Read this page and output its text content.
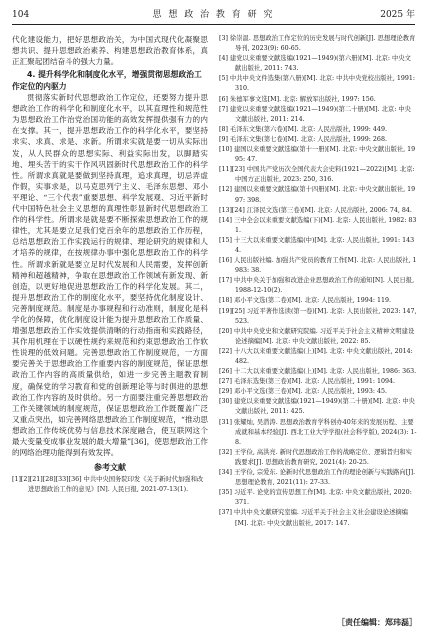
104	思 想 政 治 教 育 研 究	2025 年

代化建设能力，把好思想政治关，为中国式现代化凝聚思想共识、提升思想政治素养、构建思想政治教育体系，真正汇聚起团结奋斗的强大力量。

4. 提升科学化和制度化水平，增强贯彻思想政治工作定位的内驱力

贯彻落实新时代思想政治工作定位，还要努力提升思想政治工作的科学化和制度化水平，以其直理性和规范性为思想政治工作治党治国功能的高效发挥提供强有力的内在支撑。其一，提升思想政治工作的科学化水平，要坚持求实、求真、求是、求新。所谓求实就是要一切从实际出发，从人民群众的思想实际、利益实际出发，以脚踏实地、埋头苦干的实干作风巩固新时代思想政治工作的科学性。所谓求真就是要做到坚持真理，追求真理，切忌弄虚作假，实事求是，以马克思列宁主义、毛泽东思想、邓小平理论、“三个代表”重要思想、科学发展观、习近平新时代中国特色社会主义思想的真理性彰显新时代思想政治工作的科学性。所谓求是就是要不断探索思想政治工作的规律性，尤其是要立足我们党百余年的思想政治工作历程，总结思想政治工作实践运行的规律、理论研究的规律和人才培养的规律，在按规律办事中强化思想政治工作的科学性。所谓求新就是要立足时代发展和人民需要，发挥创新精神和超越精神，争取在思想政治工作领域有新发现、新创造，以更好地促进思想政治工作的科学化发展。其二，提升思想政治工作的制度化水平，要坚持优化制度设计、完善制度规范。制度是办事规程和行动准则，制度化是科学化的保障，优化制度设计能为提升思想政治工作质量、增强思想政治工作实效提供清晰的行动指南和实践路径，其作用机理在于以硬性规约来规范和约束思想政治工作软性说理的低效问题。完善思想政治工作制度规范，一方面要完善关于思想政治工作重要内容的制度规范，保证思想政治工作内容的高质量供给，如进一步完善主题教育制度，确保党的学习教育和党的创新理论等与时俱进的思想政治工作内容的及时供给。另一方面要注重完善思想政治工作关键领域的制度规范，保证思想政治工作既覆盖广泛又重点突出，如完善网络思想政治工作制度规范，“推动思想政治工作传统优势与信息技术深度融合，使互联网这个最大变量变成事业发展的最大增量”[36]，使思想政治工作的网络治理功能得到有效发挥。

参考文献
[1][2][21][28][33][36] 中共中央国务院印发《关于新时代加强和改进思想政治工作的意见》[N]. 人民日报, 2021-07-13(1).
[3] 徐崇温. 思想政治工作定位的历史发展与时代创新[J]. 思想理论教育导刊, 2023(9): 60-65.
[4] 建党以来重要文献选编(1921—1949)(第六册)[M]. 北京: 中央文献出版社, 2011: 743.
[5] 中共中央文件选集(第八册)[M]. 北京: 中共中央党校出版社, 1991: 310.
[6] 朱德军事文选[M]. 北京: 解放军出版社, 1997: 156.
[7] 建党以来重要文献选编(1921—1949)(第二十册)[M]. 北京: 中央文献出版社, 2011: 214.
[8] 毛泽东文集(第六卷)[M]. 北京: 人民出版社, 1999: 449.
[9] 毛泽东文集(第七卷)[M]. 北京: 人民出版社, 1999: 268.
[10] 建国以来重要文献选编(第十一册)[M]. 北京: 中央文献出版社, 1995: 47.
[11][23] 中国共产党历次全国代表大会史料(1921—2022)[M]. 北京: 中国方正出版社, 2023: 250, 316.
[12] 建国以来重要文献选编(第十四册)[M]. 北京: 中央文献出版社, 1997: 398.
[13][24] 江泽民文选(第三卷)[M]. 北京: 人民出版社, 2006: 74, 84.
[14] 三中全会以来重要文献选编(下)[M]. 北京: 人民出版社, 1982: 831.
[15] 十三大以来重要文献选编(中)[M]. 北京: 人民出版社, 1991: 1434.
[16] 人民出版社编. 加强共产党员的教育工作[M]. 北京: 人民出版社, 1983: 38.
[17] 中共中央关于加强和改进企业思想政治工作的通知[N]. 人民日报, 1988-12-10(2).
[18] 邓小平文选(第二卷)[M]. 北京: 人民出版社, 1994: 119.
[19][25] 习近平著作选读(第一卷)[M]. 北京: 人民出版社, 2023: 147, 523.
[20] 中共中央党史和文献研究院编. 习近平关于社会主义精神文明建设论述摘编[M]. 北京: 中央文献出版社, 2022: 85.
[22] 十八大以来重要文献选编(上)[M]. 北京: 中央文献出版社, 2014: 482.
[26] 十二大以来重要文献选编(上)[M]. 北京: 人民出版社, 1986: 363.
[27] 毛泽东选集(第三卷)[M]. 北京: 人民出版社, 1991: 1094.
[29] 邓小平文选(第三卷)[M]. 北京: 人民出版社, 1993: 45.
[30] 建党以来重要文献选编(1921—1949)(第二十册)[M]. 北京: 中央文献出版社, 2011: 425.
[31] 张耀灿, 吴潜涛. 思想政治教育学科创办40年来的发展历程、主要成就和基本经验[J]. 西北工业大学学报(社会科学版), 2024(3): 1-8.
[32] 王学俭, 高洪亮. 新时代思想政治工作的战略定位、逻辑旨归和实践要求[J]. 思想政治教育研究, 2021(4): 20-25.
[34] 王学俭, 宗爱东. 论新时代思想政治工作的理论创新与实践路向[J]. 思想理论教育, 2021(11): 27-33.
[35] 习近平. 论党的宣传思想工作[M]. 北京: 中央文献出版社, 2020: 371.
[37] 中共中央文献研究室编. 习近平关于社会主义社会建设论述摘编[M]. 北京: 中央文献出版社, 2017: 147.
［责任编辑：郑玮磊］
